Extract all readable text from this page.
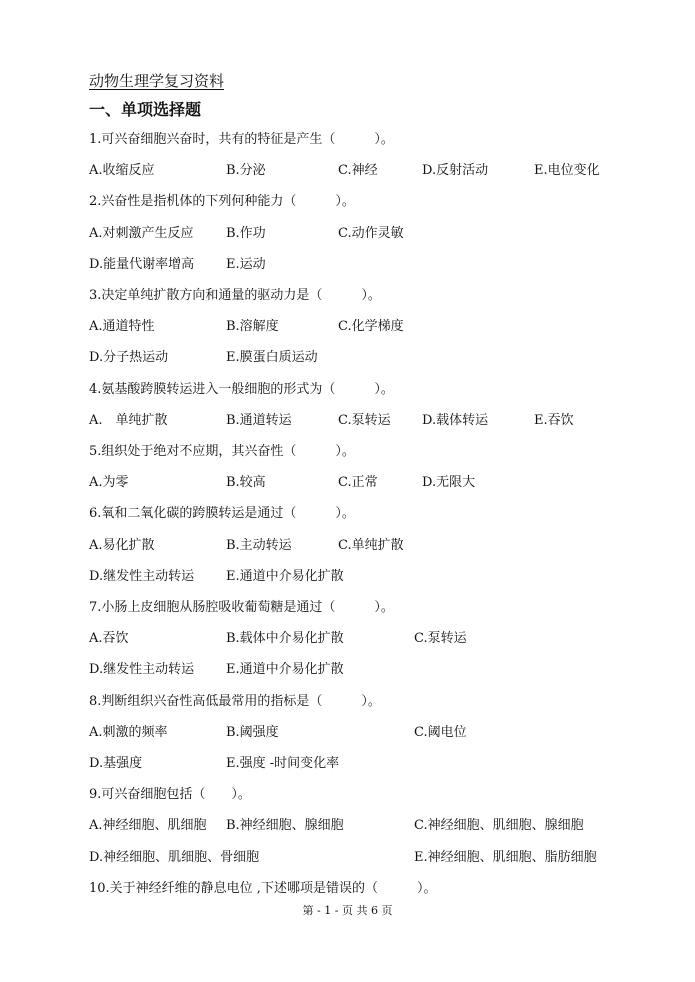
动物生理学复习资料
一、单项选择题
1.可兴奋细胞兴奋时，共有的特征是产生（　　　）。
A.收缩反应	B.分泌	C.神经	D.反射活动	E.电位变化
2.兴奋性是指机体的下列何种能力（　　　）。
A.对刺激产生反应 B.作功	C.动作灵敏
D.能量代谢率增高 E.运动
3.决定单纯扩散方向和通量的驱动力是（　　　）。
A.通道特性	B.溶解度	C.化学梯度
D.分子热运动	E.膜蛋白质运动
4.氨基酸跨膜转运进入一般细胞的形式为（　　　）。
A.　单纯扩散	B.通道转运	C.泵转运 D.载体转运	E.吞饮
5.组织处于绝对不应期，其兴奋性（　　　）。
A.为零	B.较高	C.正常	D.无限大
6.氧和二氧化碳的跨膜转运是通过（　　　）。
A.易化扩散	B.主动转运	C.单纯扩散
D.继发性主动转运 E.通道中介易化扩散
7.小肠上皮细胞从肠腔吸收葡萄糖是通过（　　　）。
A.吞饮	B.载体中介易化扩散	C.泵转运
D.继发性主动转运 E.通道中介易化扩散
8.判断组织兴奋性高低最常用的指标是（　　　）。
A.刺激的频率	B.阈强度	C.阈电位
D.基强度	E.强度 -时间变化率
9.可兴奋细胞包括（　　）。
A.神经细胞、肌细胞 B.神经细胞、腺细胞	C.神经细胞、肌细胞、腺细胞
D.神经细胞、肌细胞、骨细胞	E.神经细胞、肌细胞、脂肪细胞
10.关于神经纤维的静息电位 ,下述哪项是错误的（　　　）。
第 - 1 - 页 共 6 页
